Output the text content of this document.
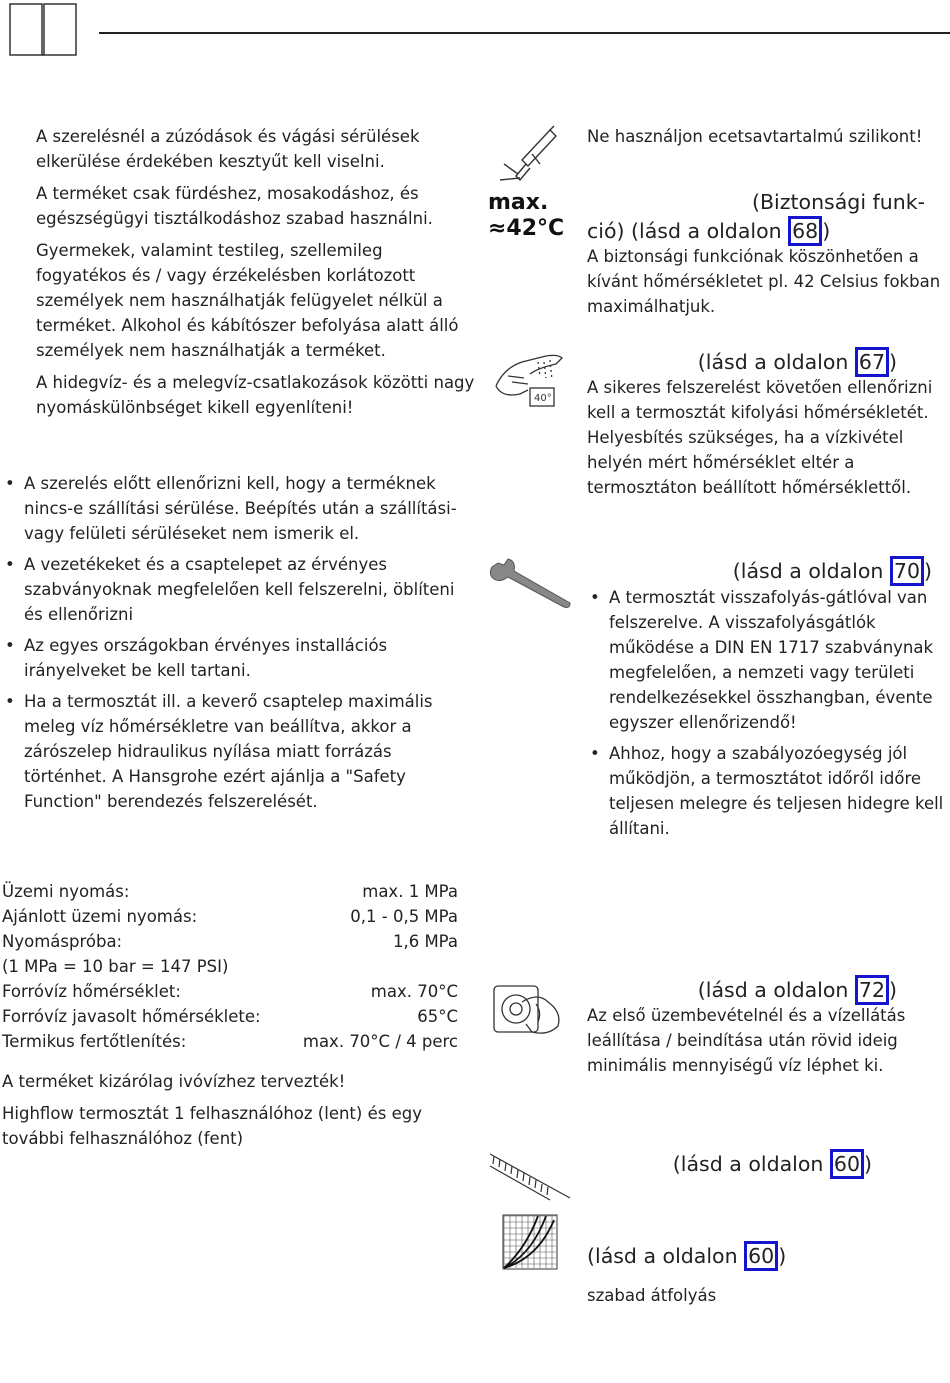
A szerelésnél a zúzódások és vágási sérülések elkerülése érdekében kesztyűt kell viselni.

A terméket csak fürdéshez, mosakodáshoz, és egészségügyi tisztálkodáshoz szabad használni.

Gyermekek, valamint testileg, szellemileg fogyatékos és / vagy érzékelésben korlátozott személyek nem használhatják felügyelet nélkül a terméket. Alkohol és kábítószer befolyása alatt álló személyek nem használhatják a terméket.

A hidegvíz- és a melegvíz-csatlakozások közötti nagy nyomáskülönbséget kikell egyenlíteni!

• A szerelés előtt ellenőrizni kell, hogy a terméknek nincs-e szállítási sérülése. Beépítés után a szállítási- vagy felületi sérüléseket nem ismerik el.
• A vezetékeket és a csaptelepet az érvényes szabványoknak megfelelően kell felszerelni, öblíteni és ellenőrizni
• Az egyes országokban érvényes installációs irányelveket be kell tartani.
• Ha a termosztát ill. a keverő csaptelep maximális meleg víz hőmérsékletre van beállítva, akkor a zárószelep hidraulikus nyílása miatt forrázás történhet. A Hansgrohe ezért ajánlja a "Safety Function" berendezés felszerelését.
Üzemi nyomás:	max. 1 MPa
Ajánlott üzemi nyomás:	0,1 - 0,5 MPa
Nyomáspróba:	1,6 MPa
(1 MPa = 10 bar = 147 PSI)
Forróvíz hőmérséklet:	max. 70°C
Forróvíz javasolt hőmérséklete:	65°C
Termikus fertőtlenítés:	max. 70°C / 4 perc

A terméket kizárólag ivóvízhez tervezték!

Highflow termosztát 1 felhasználóhoz (lent) és egy további felhasználóhoz (fent)

Ne használjon ecetsavtartalmú szilikont!

max.
≈42°C
(Biztonsági funk-
ció) (lásd a oldalon 68 )

A biztonsági funkciónak köszönhetően a kívánt hőmérsékletet pl. 42 Celsius fokban maximálhatjuk.

40°
(lásd a oldalon 67 )

A sikeres felszerelést követően ellenőrizni kell a termosztát kifolyási hőmérsékletét. Helyesbítés szükséges, ha a vízkivétel helyén mért hőmérséklet eltér a termosztáton beállított hőmérséklettől.

(lásd a oldalon 70 )
• A termosztát visszafolyás-gátlóval van felszerelve. A visszafolyásgátlók működése a DIN EN 1717 szabványnak megfelelően, a nemzeti vagy területi rendelkezésekkel összhangban, évente egyszer ellenőrizendő!
• Ahhoz, hogy a szabályozóegység jól működjön, a termosztátot időről időre teljesen melegre és teljesen hidegre kell állítani.
(lásd a oldalon 72 )

Az első üzembevételnél és a vízellátás leállítása / beindítása után rövid ideig minimális mennyiségű víz léphet ki.

(lásd a oldalon 60 )
(lásd a oldalon 60 )

szabad átfolyás
